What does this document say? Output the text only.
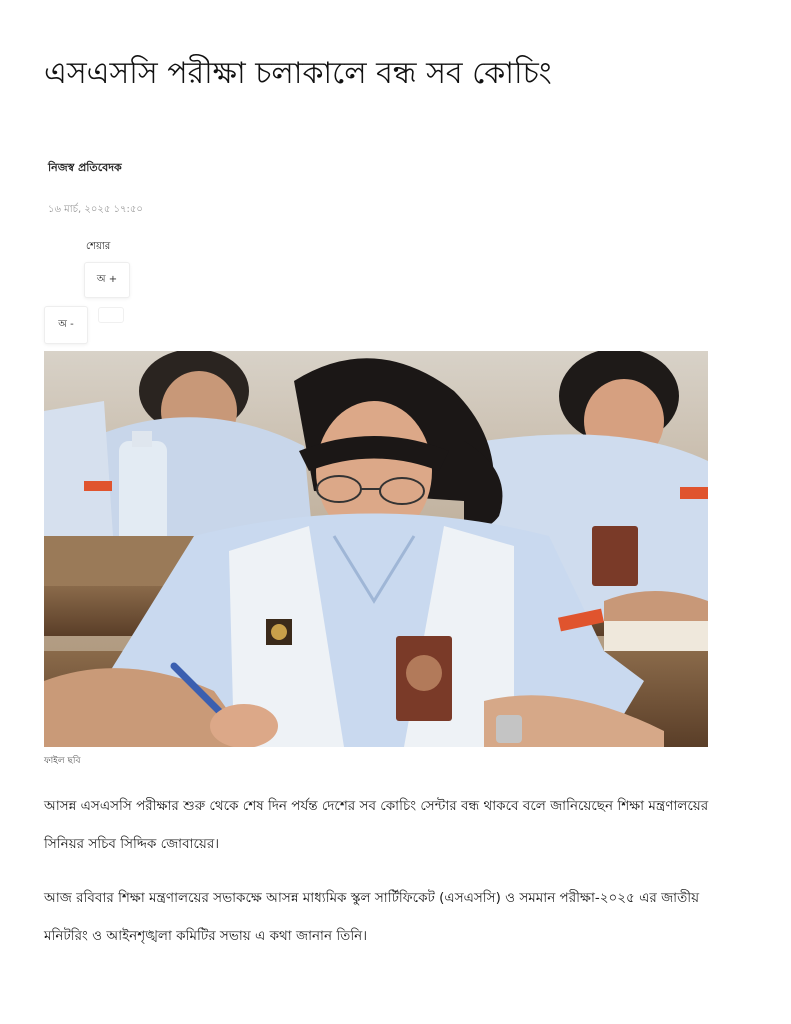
এসএসসি পরীক্ষা চলাকালে বন্ধ সব কোচিং
নিজস্ব প্রতিবেদক
১৬ মার্চ, ২০২৫ ১৭:৫০
শেয়ার
অ +
অ -
ফাইল ছবি

আসন্ন এসএসসি পরীক্ষার শুরু থেকে শেষ দিন পর্যন্ত দেশের সব কোচিং সেন্টার বন্ধ থাকবে বলে জানিয়েছেন শিক্ষা মন্ত্রণালয়ের সিনিয়র সচিব সিদ্দিক জোবায়ের।

আজ রবিবার শিক্ষা মন্ত্রণালয়ের সভাকক্ষে আসন্ন মাধ্যমিক স্কুল সার্টিফিকেট (এসএসসি) ও সমমান পরীক্ষা-২০২৫ এর জাতীয় মনিটরিং ও আইনশৃঙ্খলা কমিটির সভায় এ কথা জানান তিনি।
